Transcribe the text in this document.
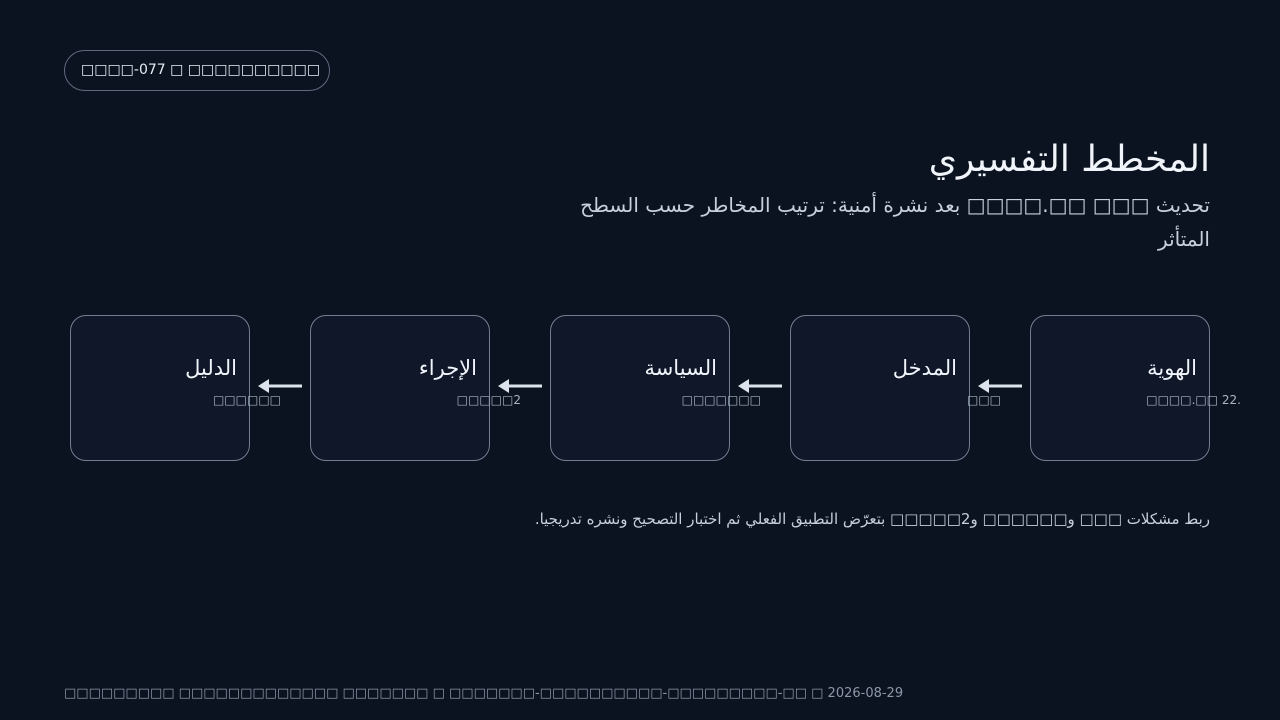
□□□□-077 □ □□□□□□□□□□
المخطط التفسيري

تحديث □□□ □□.□□□□ بعد نشرة أمنية: ترتيب المخاطر حسب السطح المتأثر

الهوية
□□□□.□□ 22.
المدخل
□□□
السياسة
□□□□□□□
الإجراء
□□□□□2
الدليل
□□□□□□

ربط مشكلات □□□ و□□□□□□ و2□□□□□ بتعرّض التطبيق الفعلي ثم اختبار التصحيح ونشره تدريجيا.

□□□□□□□□□ □□□□□□□□□□□□□ □□□□□□□ □ □□□□□□□-□□□□□□□□□□-□□□□□□□□□-□□ □ 2026-08-29
